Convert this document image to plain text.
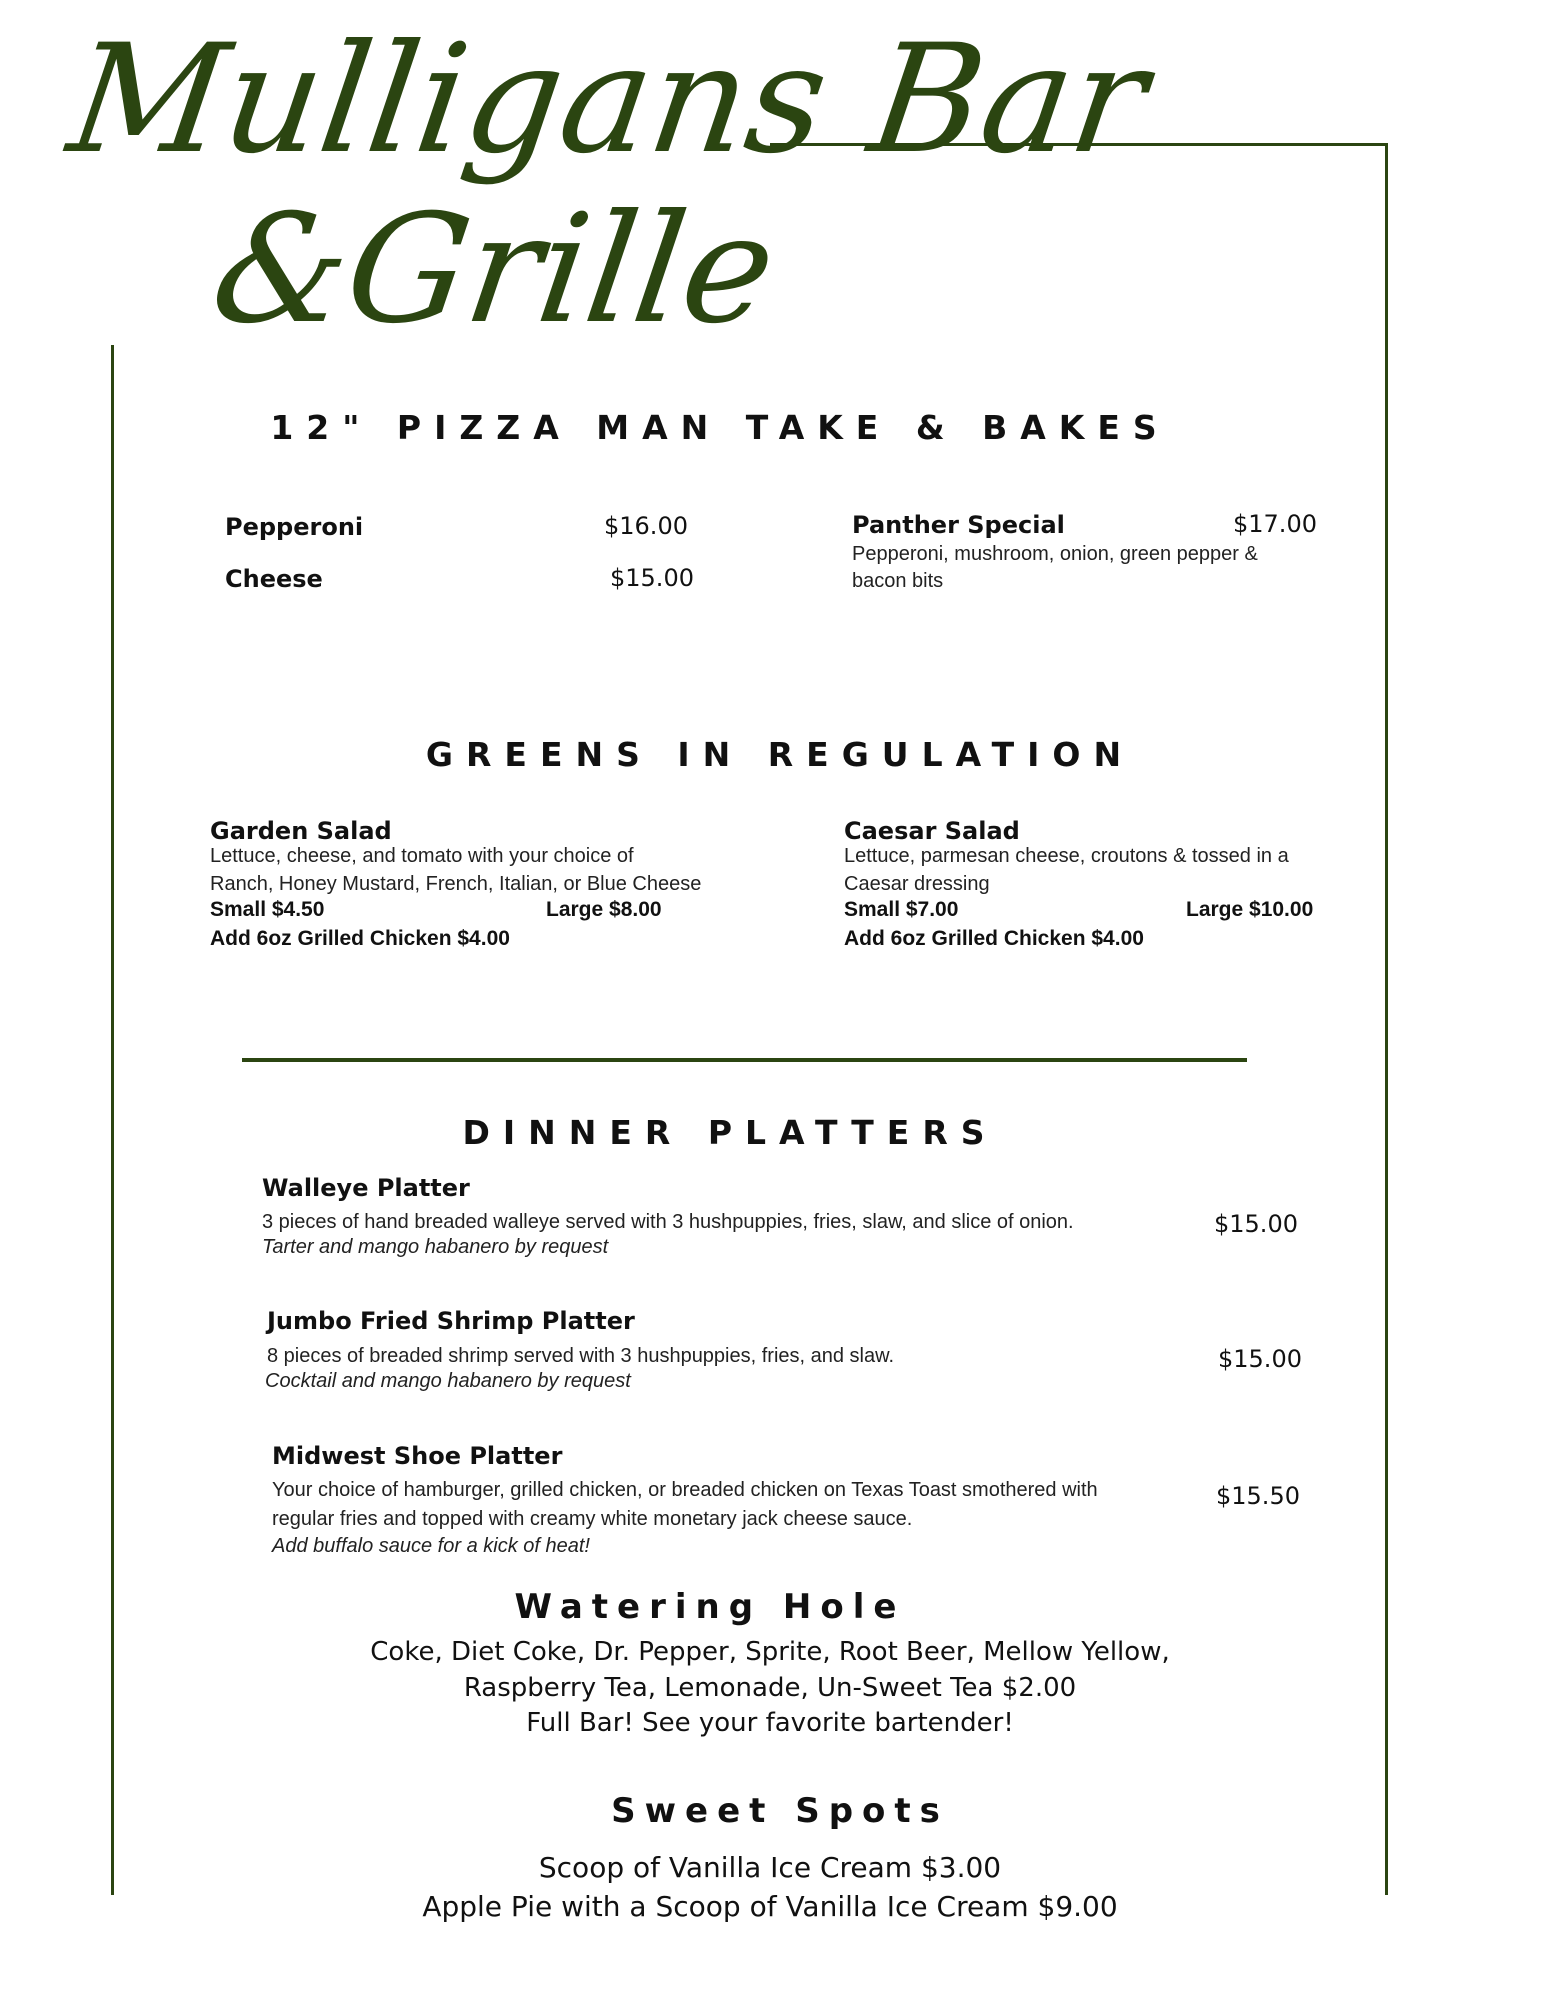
Mulligans Bar
&Grille
12" PIZZA MAN TAKE & BAKES
Pepperoni	$16.00
Cheese	$15.00
Panther Special	$17.00
Pepperoni, mushroom, onion, green pepper &
bacon bits
GREENS IN REGULATION
Garden Salad
Lettuce, cheese, and tomato with your choice of
Ranch, Honey Mustard, French, Italian, or Blue Cheese
Small $4.50	Large $8.00
Add 6oz Grilled Chicken $4.00
Caesar Salad
Lettuce, parmesan cheese, croutons & tossed in a
Caesar dressing
Small $7.00	Large $10.00
Add 6oz Grilled Chicken $4.00
DINNER PLATTERS
Walleye Platter
3 pieces of hand breaded walleye served with 3 hushpuppies, fries, slaw, and slice of onion.
Tarter and mango habanero by request
$15.00
Jumbo Fried Shrimp Platter
8 pieces of breaded shrimp served with 3 hushpuppies, fries, and slaw.
Cocktail and mango habanero by request
$15.00
Midwest Shoe Platter
Your choice of hamburger, grilled chicken, or breaded chicken on Texas Toast smothered with
regular fries and topped with creamy white monetary jack cheese sauce.
Add buffalo sauce for a kick of heat!
$15.50
Watering Hole
Coke, Diet Coke, Dr. Pepper, Sprite, Root Beer, Mellow Yellow,
Raspberry Tea, Lemonade, Un-Sweet Tea $2.00
Full Bar! See your favorite bartender!
Sweet Spots
Scoop of Vanilla Ice Cream $3.00
Apple Pie with a Scoop of Vanilla Ice Cream $9.00
